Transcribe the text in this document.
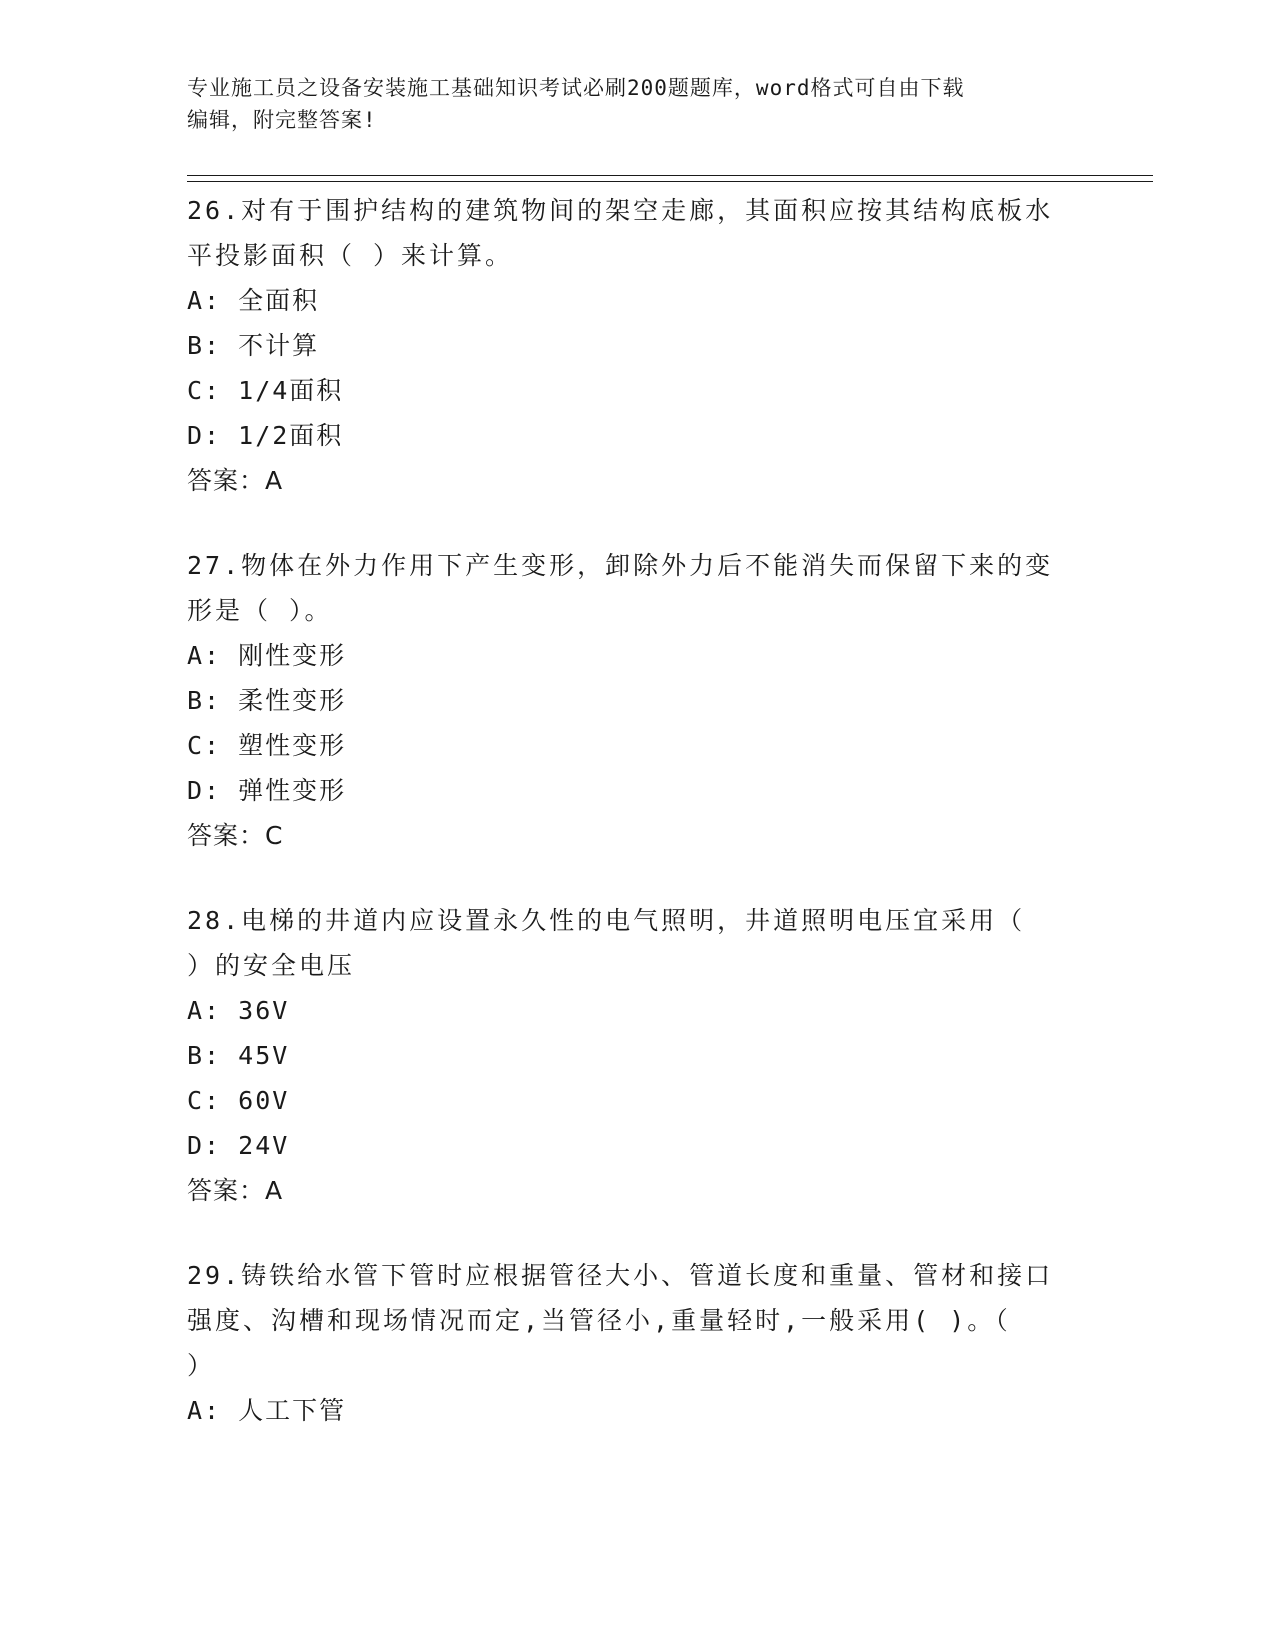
专业施工员之设备安装施工基础知识考试必刷200题题库，word格式可自由下载
编辑，附完整答案!

26.对有于围护结构的建筑物间的架空走廊，其面积应按其结构底板水

平投影面积（ ）来计算。

A: 全面积

B: 不计算

C: 1/4面积

D: 1/2面积

答案：A

27.物体在外力作用下产生变形，卸除外力后不能消失而保留下来的变

形是（ ）。

A: 刚性变形

B: 柔性变形

C: 塑性变形

D: 弹性变形

答案：C

28.电梯的井道内应设置永久性的电气照明，井道照明电压宜采用（

）的安全电压

A: 36V

B: 45V

C: 60V

D: 24V

答案：A

29.铸铁给水管下管时应根据管径大小、管道长度和重量、管材和接口

强度、沟槽和现场情况而定,当管径小,重量轻时,一般采用( )。（

）

A: 人工下管
